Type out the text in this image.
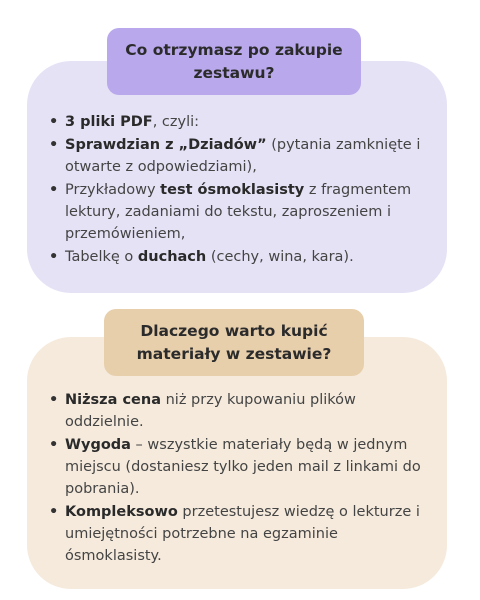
Co otrzymasz po zakupie
zestawu?
• 3 pliki PDF, czyli:
• Sprawdzian z „Dziadów” (pytania zamknięte i otwarte z odpowiedziami),
• Przykładowy test ósmoklasisty z fragmentem lektury, zadaniami do tekstu, zaproszeniem i przemówieniem,
• Tabelkę o duchach (cechy, wina, kara).
Dlaczego warto kupić
materiały w zestawie?
• Niższa cena niż przy kupowaniu plików oddzielnie.
• Wygoda – wszystkie materiały będą w jednym miejscu (dostaniesz tylko jeden mail z linkami do pobrania).
• Kompleksowo przetestujesz wiedzę o lekturze i umiejętności potrzebne na egzaminie ósmoklasisty.
